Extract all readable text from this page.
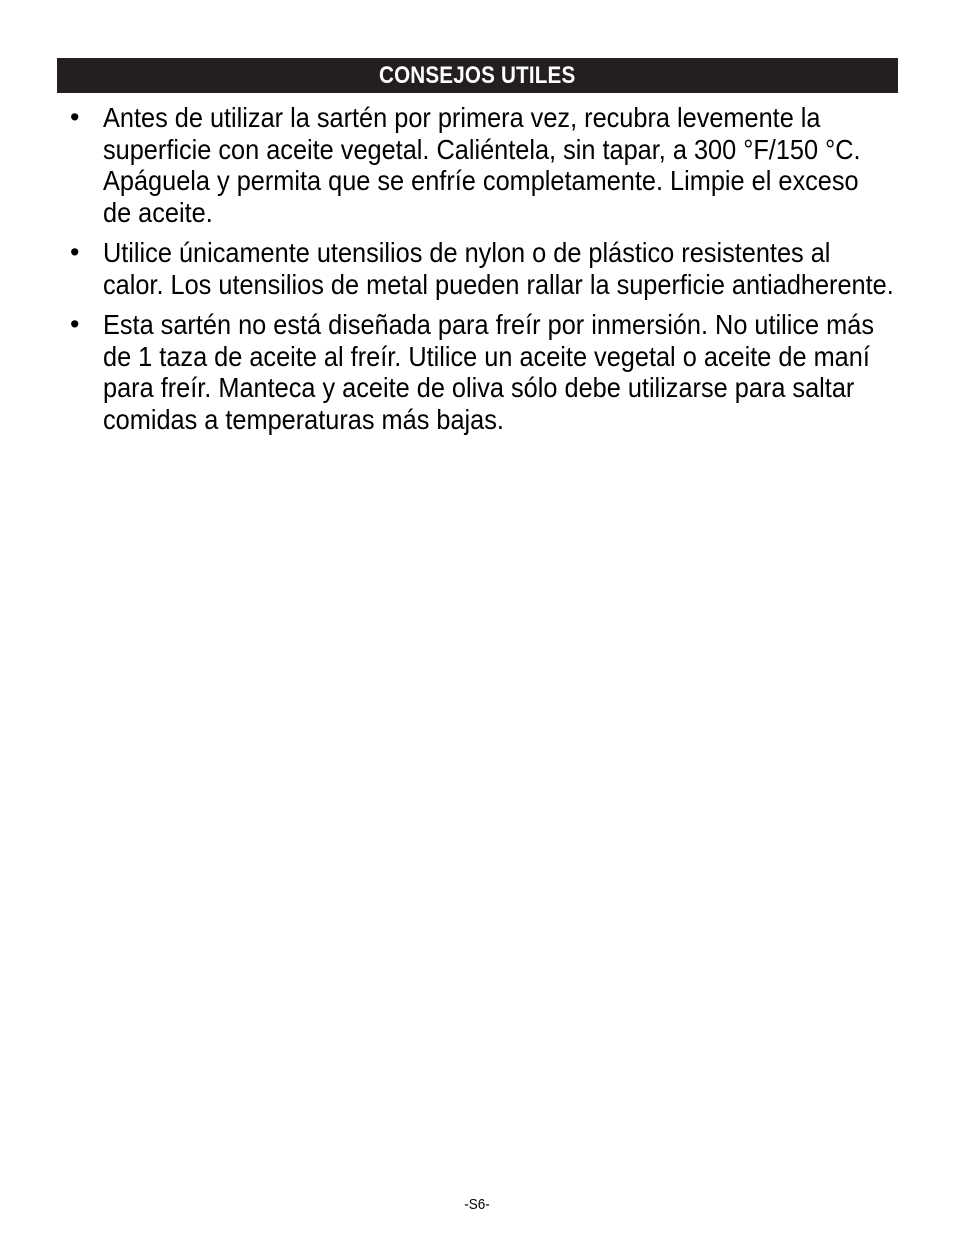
CONSEJOS UTILES
• Antes de utilizar la sartén por primera vez, recubra levemente la
superficie con aceite vegetal. Caliéntela, sin tapar, a 300 °F/150 °C.
Apáguela y permita que se enfríe completamente. Limpie el exceso
de aceite.
• Utilice únicamente utensilios de nylon o de plástico resistentes al
calor. Los utensilios de metal pueden rallar la superficie antiadherente.
• Esta sartén no está diseñada para freír por inmersión. No utilice más
de 1 taza de aceite al freír. Utilice un aceite vegetal o aceite de maní
para freír. Manteca y aceite de oliva sólo debe utilizarse para saltar
comidas a temperaturas más bajas.
-S6-
